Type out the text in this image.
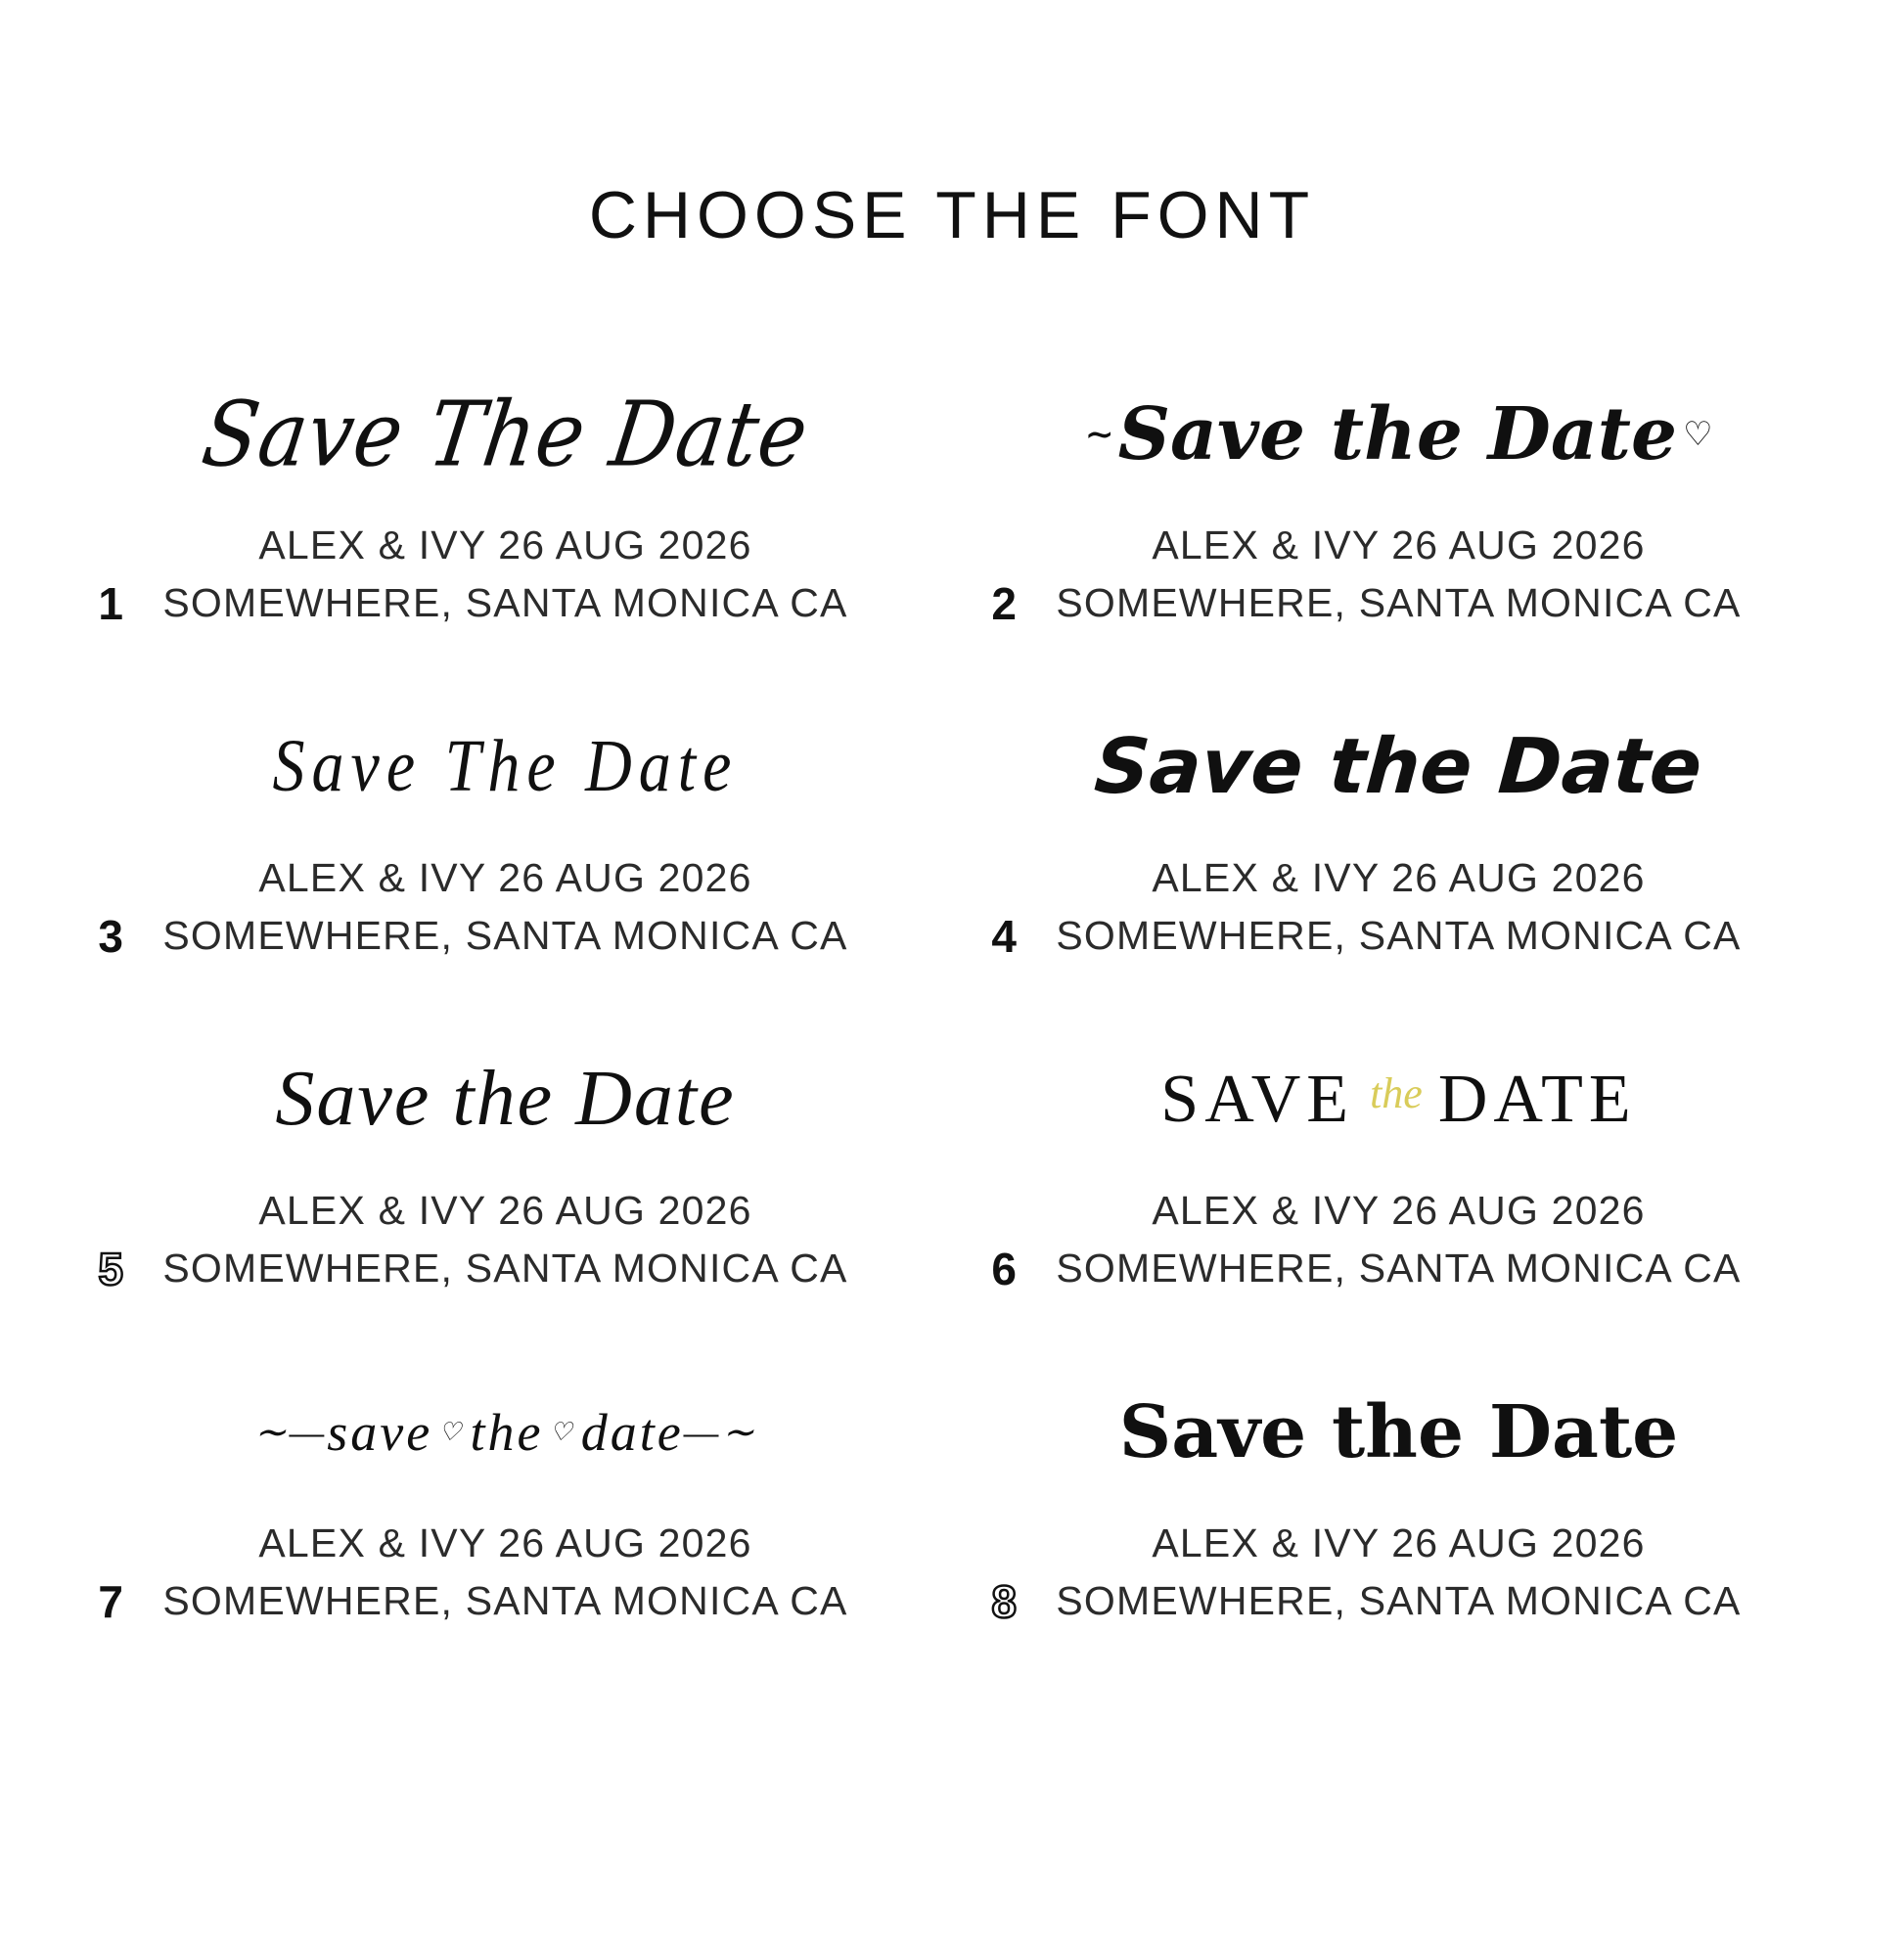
CHOOSE THE FONT
Save The Date
1
ALEX & IVY 26 AUG 2026
SOMEWHERE, SANTA MONICA CA
∼ Save the Date ♡
2
ALEX & IVY 26 AUG 2026
SOMEWHERE, SANTA MONICA CA
Save The Date
3
ALEX & IVY 26 AUG 2026
SOMEWHERE, SANTA MONICA CA
Save the Date
4
ALEX & IVY 26 AUG 2026
SOMEWHERE, SANTA MONICA CA
Save the Date
5
ALEX & IVY 26 AUG 2026
SOMEWHERE, SANTA MONICA CA
SAVE the DATE
6
ALEX & IVY 26 AUG 2026
SOMEWHERE, SANTA MONICA CA
∼— save ♡ the ♡ date —∼
7
ALEX & IVY 26 AUG 2026
SOMEWHERE, SANTA MONICA CA
Save the Date
8
ALEX & IVY 26 AUG 2026
SOMEWHERE, SANTA MONICA CA
